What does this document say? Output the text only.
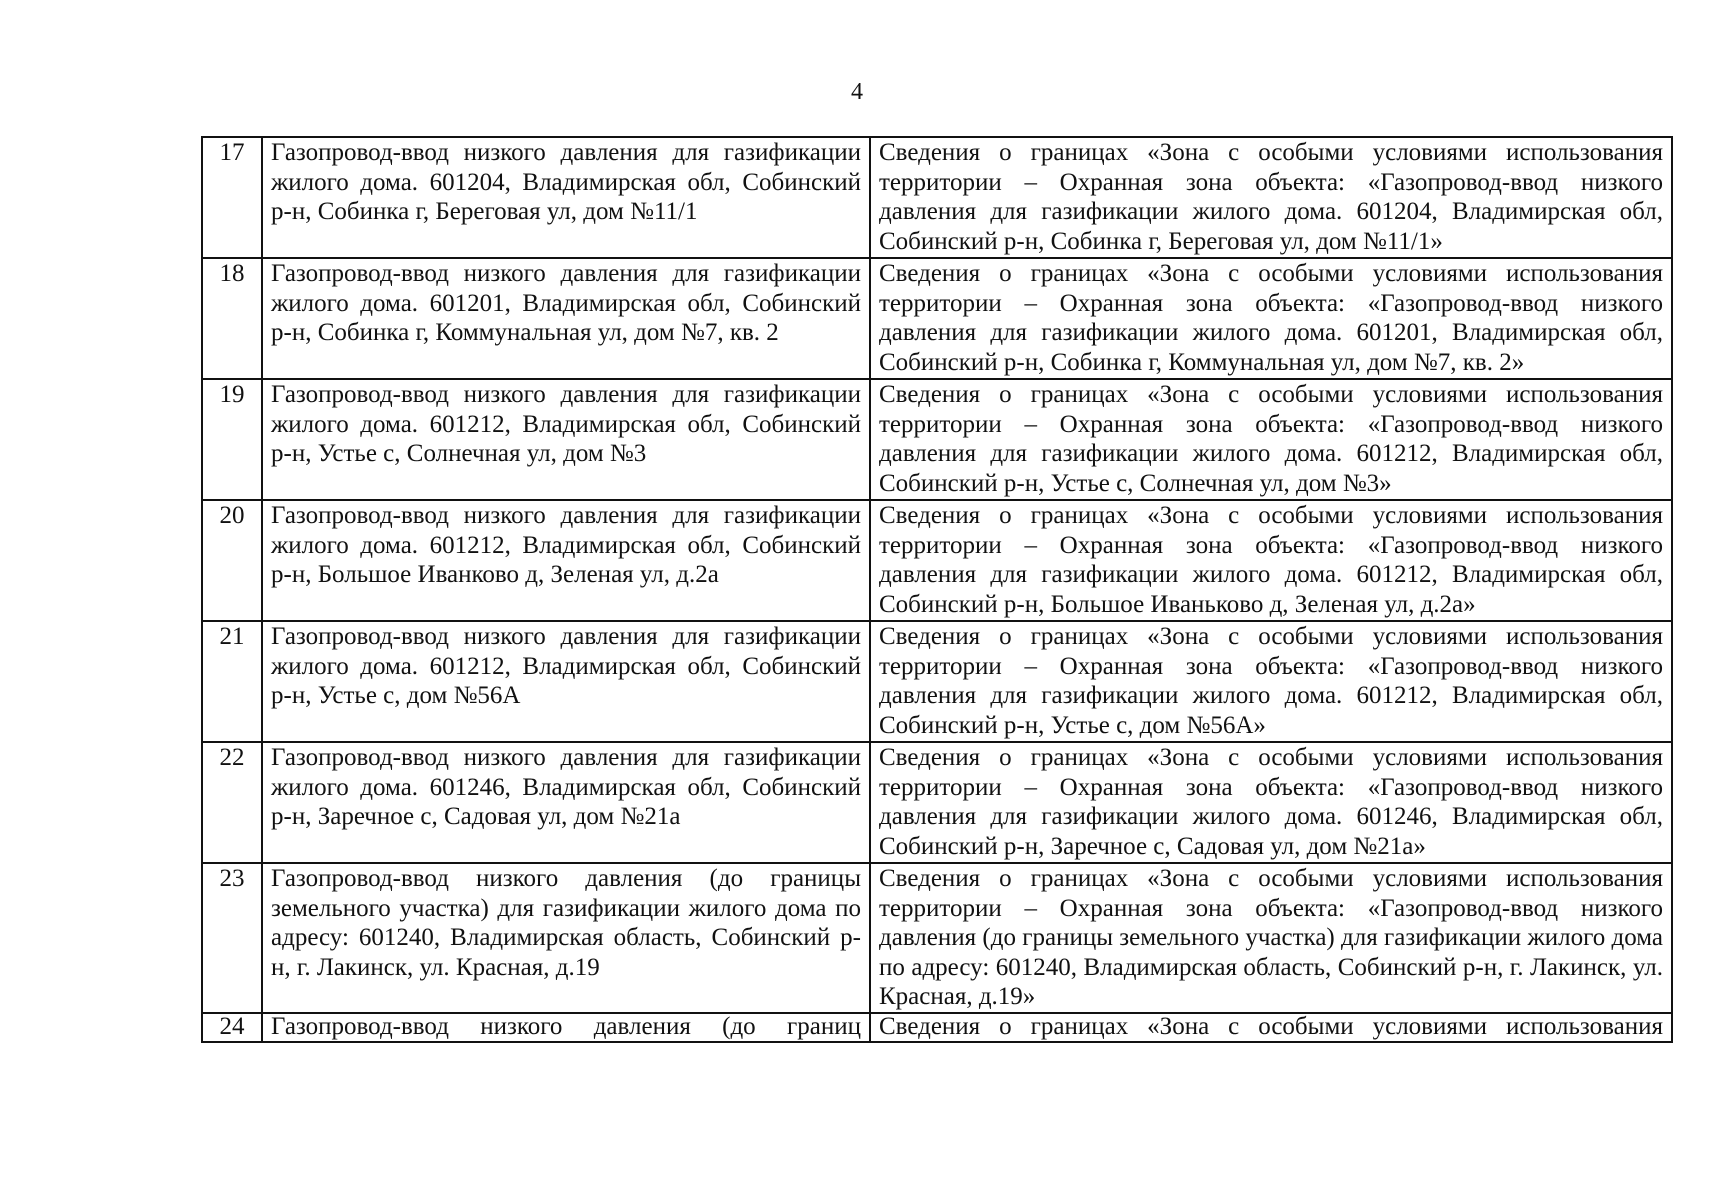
4
17	Газопровод-ввод низкого давления для газификации жилого дома. 601204, Владимирская обл, Собинский р-н, Собинка г, Береговая ул, дом №11/1	Сведения о границах «Зона с особыми условиями использования территории – Охранная зона объекта: «Газопровод-ввод низкого давления для газификации жилого дома. 601204, Владимирская обл, Собинский р-н, Собинка г, Береговая ул, дом №11/1»
18	Газопровод-ввод низкого давления для газификации жилого дома. 601201, Владимирская обл, Собинский р-н, Собинка г, Коммунальная ул, дом №7, кв. 2	Сведения о границах «Зона с особыми условиями использования территории – Охранная зона объекта: «Газопровод-ввод низкого давления для газификации жилого дома. 601201, Владимирская обл, Собинский р-н, Собинка г, Коммунальная ул, дом №7, кв. 2»
19	Газопровод-ввод низкого давления для газификации жилого дома. 601212, Владимирская обл, Собинский р-н, Устье с, Солнечная ул, дом №3	Сведения о границах «Зона с особыми условиями использования территории – Охранная зона объекта: «Газопровод-ввод низкого давления для газификации жилого дома. 601212, Владимирская обл, Собинский р-н, Устье с, Солнечная ул, дом №3»
20	Газопровод-ввод низкого давления для газификации жилого дома. 601212, Владимирская обл, Собинский р-н, Большое Иванково д, Зеленая ул, д.2а	Сведения о границах «Зона с особыми условиями использования территории – Охранная зона объекта: «Газопровод-ввод низкого давления для газификации жилого дома. 601212, Владимирская обл, Собинский р-н, Большое Иваньково д, Зеленая ул, д.2а»
21	Газопровод-ввод низкого давления для газификации жилого дома. 601212, Владимирская обл, Собинский р-н, Устье с, дом №56А	Сведения о границах «Зона с особыми условиями использования территории – Охранная зона объекта: «Газопровод-ввод низкого давления для газификации жилого дома. 601212, Владимирская обл, Собинский р-н, Устье с, дом №56А»
22	Газопровод-ввод низкого давления для газификации жилого дома. 601246, Владимирская обл, Собинский р-н, Заречное с, Садовая ул, дом №21а	Сведения о границах «Зона с особыми условиями использования территории – Охранная зона объекта: «Газопровод-ввод низкого давления для газификации жилого дома. 601246, Владимирская обл, Собинский р-н, Заречное с, Садовая ул, дом №21а»
23	Газопровод-ввод низкого давления (до границы земельного участка) для газификации жилого дома по адресу: 601240, Владимирская область, Собинский р-н, г. Лакинск, ул. Красная, д.19	Сведения о границах «Зона с особыми условиями использования территории – Охранная зона объекта: «Газопровод-ввод низкого давления (до границы земельного участка) для газификации жилого дома по адресу: 601240, Владимирская область, Собинский р-н, г. Лакинск, ул. Красная, д.19»
24	Газопровод-ввод низкого давления (до границ	Сведения о границах «Зона с особыми условиями использования
